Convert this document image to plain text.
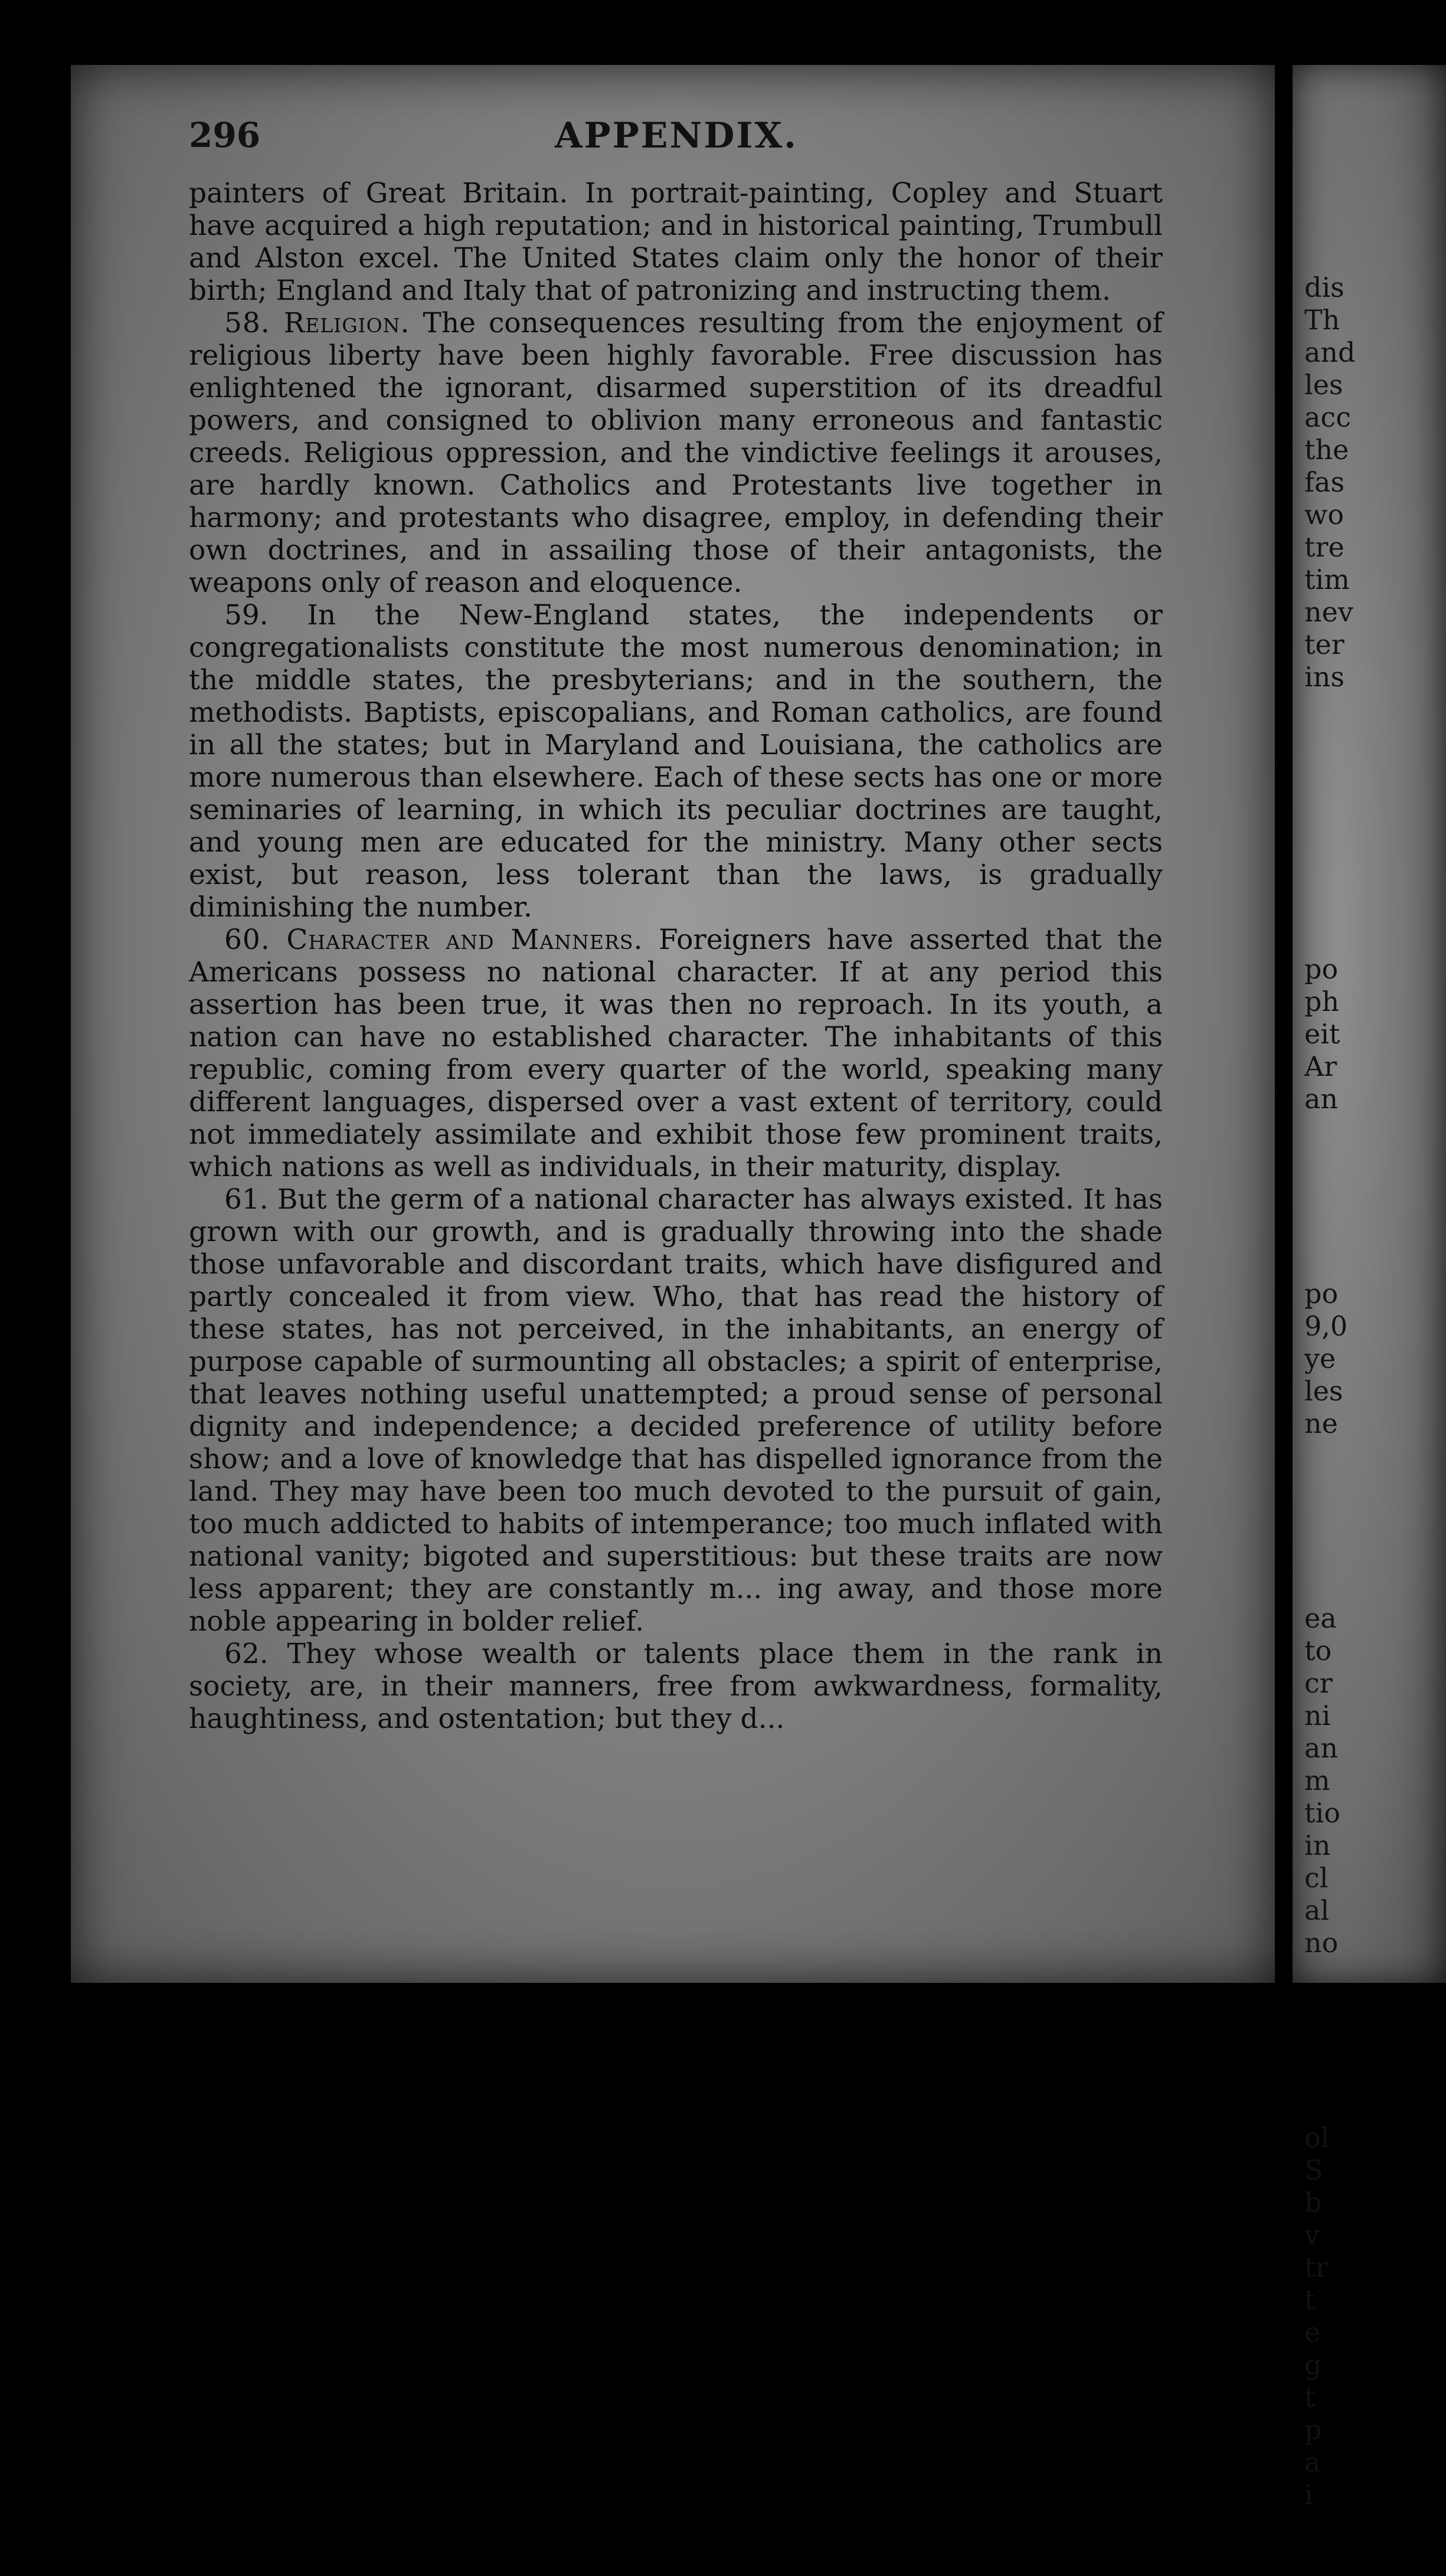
dis
Th
and
les
acc
the
fas
wo
tre
tim
nev
ter
ins

po
ph
eit
Ar
an

po
9,0
ye
les
ne

ea
to
cr
ni
an
m
tio
in
cl
al
no

ol
S
b
v
tr
t
e
g
t
p
a
i

296	APPENDIX.

painters of Great Britain. In portrait-painting, Copley and Stuart have acquired a high reputation; and in historical painting, Trumbull and Alston excel. The United States claim only the honor of their birth; England and Italy that of patronizing and instructing them.

58. Religion. The consequences resulting from the enjoyment of religious liberty have been highly favorable. Free discussion has enlightened the ignorant, disarmed superstition of its dreadful powers, and consigned to oblivion many erroneous and fantastic creeds. Religious oppression, and the vindictive feelings it arouses, are hardly known. Catholics and Protestants live together in harmony; and protestants who disagree, employ, in defending their own doctrines, and in assailing those of their antagonists, the weapons only of reason and eloquence.

59. In the New-England states, the independents or congregationalists constitute the most numerous denomination; in the middle states, the presbyterians; and in the southern, the methodists. Baptists, episcopalians, and Roman catholics, are found in all the states; but in Maryland and Louisiana, the catholics are more numerous than elsewhere. Each of these sects has one or more seminaries of learning, in which its peculiar doctrines are taught, and young men are educated for the ministry. Many other sects exist, but reason, less tolerant than the laws, is gradually diminishing the number.

60. Character and Manners. Foreigners have asserted that the Americans possess no national character. If at any period this assertion has been true, it was then no reproach. In its youth, a nation can have no established character. The inhabitants of this republic, coming from every quarter of the world, speaking many different languages, dispersed over a vast extent of territory, could not immediately assimilate and exhibit those few prominent traits, which nations as well as individuals, in their maturity, display.

61. But the germ of a national character has always existed. It has grown with our growth, and is gradually throwing into the shade those unfavorable and discordant traits, which have disfigured and partly concealed it from view. Who, that has read the history of these states, has not perceived, in the inhabitants, an energy of purpose capable of surmounting all obstacles; a spirit of enterprise, that leaves nothing useful unattempted; a proud sense of personal dignity and independence; a decided preference of utility before show; and a love of knowledge that has dispelled ignorance from the land. They may have been too much devoted to the pursuit of gain, too much addicted to habits of intemperance; too much inflated with national vanity; bigoted and superstitious: but these traits are now less apparent; they are constantly m... ing away, and those more noble appearing in bolder relief.

62. They whose wealth or talents place them in the rank in society, are, in their manners, free from awkwardness, formality, haughtiness, and ostentation; but they d...
